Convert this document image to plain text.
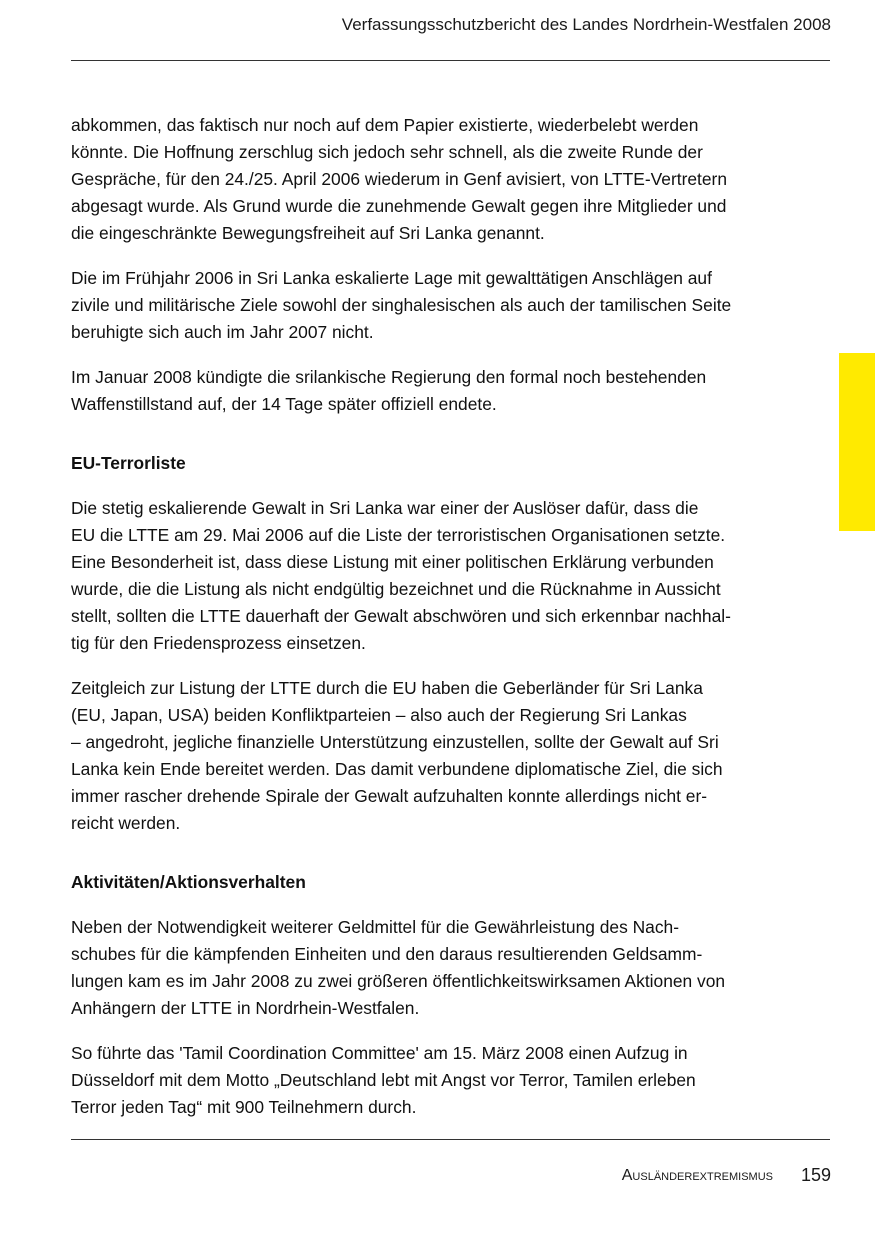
Verfassungsschutzbericht des Landes Nordrhein-Westfalen 2008

abkommen, das faktisch nur noch auf dem Papier existierte, wiederbelebt werden
könnte. Die Hoffnung zerschlug sich jedoch sehr schnell, als die zweite Runde der
Gespräche, für den 24./25. April 2006 wiederum in Genf avisiert, von LTTE-Vertretern
abgesagt wurde. Als Grund wurde die zunehmende Gewalt gegen ihre Mitglieder und
die eingeschränkte Bewegungsfreiheit auf Sri Lanka genannt.

Die im Frühjahr 2006 in Sri Lanka eskalierte Lage mit gewalttätigen Anschlägen auf
zivile und militärische Ziele sowohl der singhalesischen als auch der tamilischen Seite
beruhigte sich auch im Jahr 2007 nicht.

Im Januar 2008 kündigte die srilankische Regierung den formal noch bestehenden
Waffenstillstand auf, der 14 Tage später offiziell endete.

EU-Terrorliste

Die stetig eskalierende Gewalt in Sri Lanka war einer der Auslöser dafür, dass die
EU die LTTE am 29. Mai 2006 auf die Liste der terroristischen Organisationen setzte.
Eine Besonderheit ist, dass diese Listung mit einer politischen Erklärung verbunden
wurde, die die Listung als nicht endgültig bezeichnet und die Rücknahme in Aussicht
stellt, sollten die LTTE dauerhaft der Gewalt abschwören und sich erkennbar nachhal-
tig für den Friedensprozess einsetzen.

Zeitgleich zur Listung der LTTE durch die EU haben die Geberländer für Sri Lanka
(EU, Japan, USA) beiden Konfliktparteien – also auch der Regierung Sri Lankas
– angedroht, jegliche finanzielle Unterstützung einzustellen, sollte der Gewalt auf Sri
Lanka kein Ende bereitet werden. Das damit verbundene diplomatische Ziel, die sich
immer rascher drehende Spirale der Gewalt aufzuhalten konnte allerdings nicht er-
reicht werden.

Aktivitäten/Aktionsverhalten

Neben der Notwendigkeit weiterer Geldmittel für die Gewährleistung des Nach-
schubes für die kämpfenden Einheiten und den daraus resultierenden Geldsamm-
lungen kam es im Jahr 2008 zu zwei größeren öffentlichkeitswirksamen Aktionen von
Anhängern der LTTE in Nordrhein-Westfalen.

So führte das 'Tamil Coordination Committee' am 15. März 2008 einen Aufzug in
Düsseldorf mit dem Motto „Deutschland lebt mit Angst vor Terror, Tamilen erleben
Terror jeden Tag“ mit 900 Teilnehmern durch.

Ausländerextremismus 159
